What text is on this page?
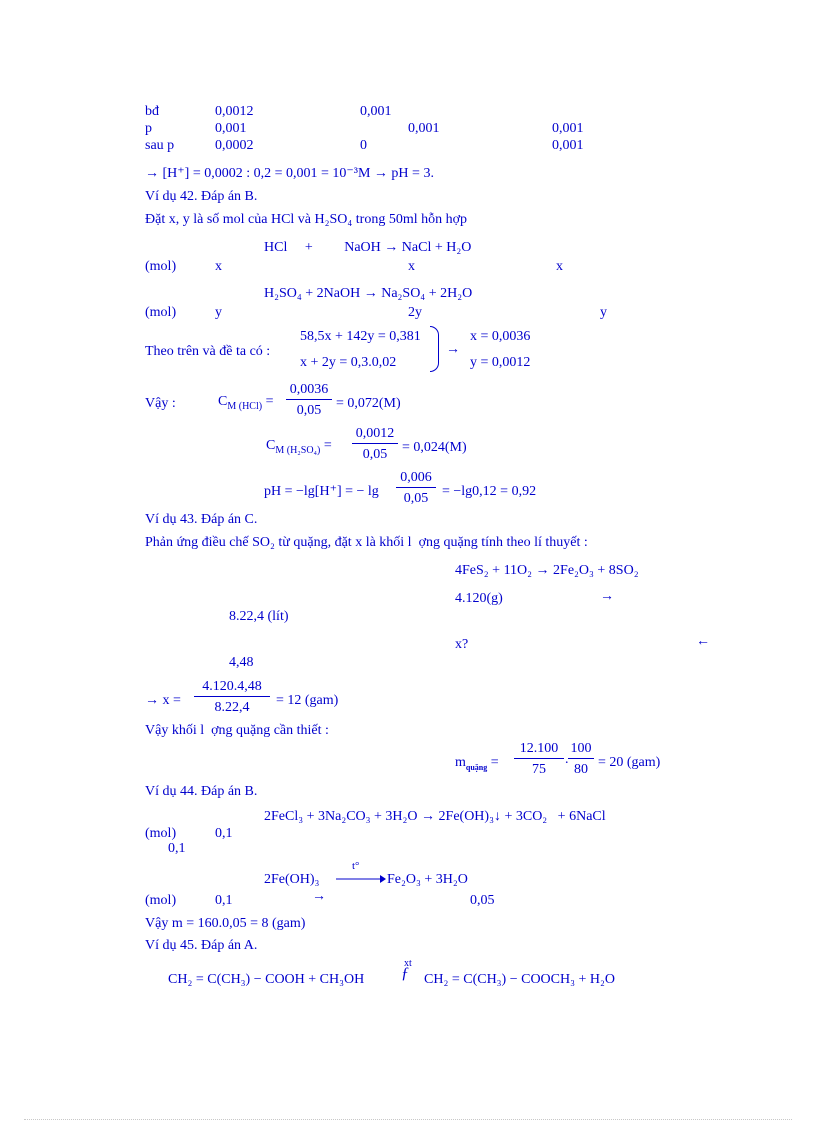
bđ	0,0012	0,001
p	0,001	0,001	0,001
sau p	0,0002	0	0,001
→ [H⁺] = 0,0002 : 0,2 = 0,001 = 10⁻³M → pH = 3.
Ví dụ 42. Đáp án B.
Đặt x, y là số mol của HCl và H₂SO₄ trong 50ml hỗn hợp
HCl     +         NaOH → NaCl + H₂O
(mol)	x	x	x
H₂SO₄ + 2NaOH → Na₂SO₄ + 2H₂O
(mol)	y	2y	y
Theo trên và đề ta có :
58,5x + 142y = 0,381
x + 2y = 0,3.0,02
→
x = 0,0036
y = 0,0012
Vậy :	$C_{M (HCl)}$ =
0,0036
0,05	= 0,072(M)
$C_{M (H_2SO_4)}$ =
0,0012
0,05	= 0,024(M)
pH = −lg[H⁺] = − lg
0,006
0,05 = −lg0,12 = 0,92
Ví dụ 43. Đáp án C.
Phản ứng điều chế SO₂ từ quặng, đặt x là khối l  ợng quặng tính theo lí thuyết :
4FeS₂ + 11O₂ → 2Fe₂O₃ + 8SO₂
4.120(g)	→
8.22,4 (lít)
x?	←
4,48
→ x =
4.120.4,48
8.22,4	= 12 (gam)
Vậy khối l  ợng quặng cần thiết :
$m_{quặng}$ =
12.100
75
.
100
80 = 20 (gam)
Ví dụ 44. Đáp án B.
2FeCl₃ + 3Na₂CO₃ + 3H₂O → 2Fe(OH)₃↓ + 3CO₂   + 6NaCl
(mol)	0,1
0,1
t°
2Fe(OH)₃	Fe₂O₃ + 3H₂O
(mol)	0,1	→	0,05
Vậy m = 160.0,05 = 8 (gam)
Ví dụ 45. Đáp án A.
xt
CH₂ = C(CH₃) − COOH + CH₃OH ƒ CH₂ = C(CH₃) − COOCH₃ + H₂O
